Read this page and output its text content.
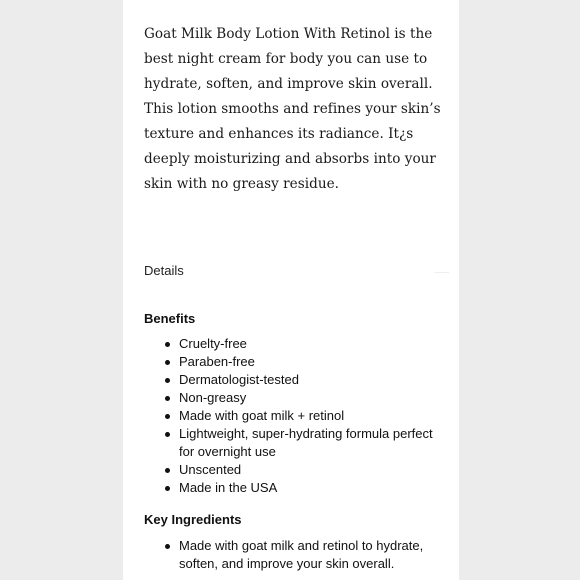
Goat Milk Body Lotion With Retinol is the best night cream for body you can use to hydrate, soften, and improve skin overall. This lotion smooths and refines your skin’s texture and enhances its radiance. It¿s deeply moisturizing and absorbs into your skin with no greasy residue.

Details

Benefits

Cruelty-free
Paraben-free
Dermatologist-tested
Non-greasy
Made with goat milk + retinol
Lightweight, super-hydrating formula perfect for overnight use
Unscented
Made in the USA

Key Ingredients

Made with goat milk and retinol to hydrate, soften, and improve your skin overall.
